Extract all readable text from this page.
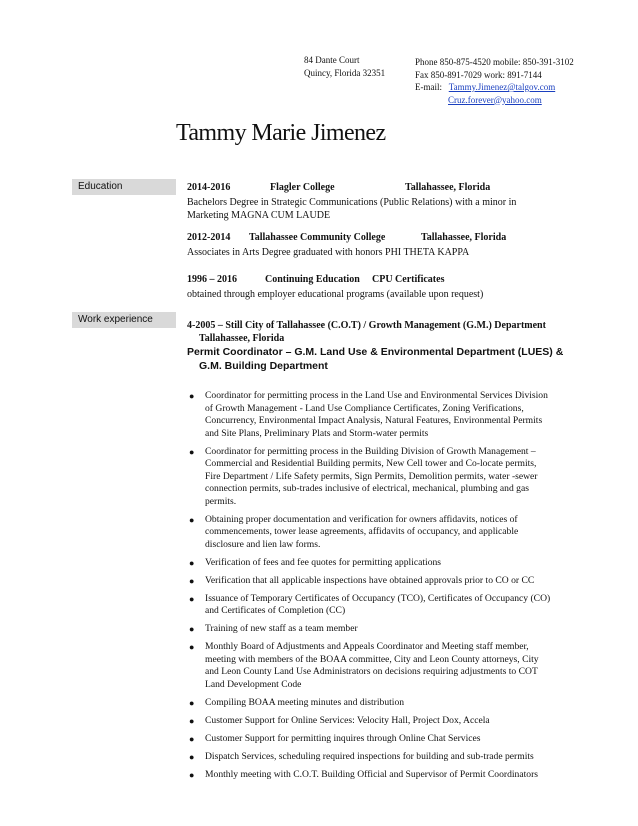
84 Dante Court
Quincy, Florida 32351
Phone 850-875-4520 mobile: 850-391-3102
Fax 850-891-7029 work: 891-7144
E-mail: Tammy.Jimenez@talgov.com
Cruz.forever@yahoo.com
Tammy Marie Jimenez
Education	2014-2016	Flagler College	Tallahassee, Florida
Bachelors Degree in Strategic Communications (Public Relations) with a minor in
Marketing MAGNA CUM LAUDE
2012-2014 Tallahassee Community College	Tallahassee, Florida
Associates in Arts Degree graduated with honors PHI THETA KAPPA
1996 – 2016	Continuing Education CPU Certificates
obtained through employer educational programs (available upon request)
Work experience
4-2005 – Still City of Tallahassee (C.O.T) / Growth Management (G.M.) Department
Tallahassee, Florida
Permit Coordinator – G.M. Land Use & Environmental Department (LUES) &
G.M. Building Department
● Coordinator for permitting process in the Land Use and Environmental Services Division
of Growth Management - Land Use Compliance Certificates, Zoning Verifications,
Concurrency, Environmental Impact Analysis, Natural Features, Environmental Permits
and Site Plans, Preliminary Plats and Storm-water permits
● Coordinator for permitting process in the Building Division of Growth Management –
Commercial and Residential Building permits, New Cell tower and Co-locate permits,
Fire Department / Life Safety permits, Sign Permits, Demolition permits, water -sewer
connection permits, sub-trades inclusive of electrical, mechanical, plumbing and gas
permits.
● Obtaining proper documentation and verification for owners affidavits, notices of
commencements, tower lease agreements, affidavits of occupancy, and applicable
disclosure and lien law forms.
● Verification of fees and fee quotes for permitting applications
● Verification that all applicable inspections have obtained approvals prior to CO or CC
● Issuance of Temporary Certificates of Occupancy (TCO), Certificates of Occupancy (CO)
and Certificates of Completion (CC)
● Training of new staff as a team member
● Monthly Board of Adjustments and Appeals Coordinator and Meeting staff member,
meeting with members of the BOAA committee, City and Leon County attorneys, City
and Leon County Land Use Administrators on decisions requiring adjustments to COT
Land Development Code
● Compiling BOAA meeting minutes and distribution
● Customer Support for Online Services: Velocity Hall, Project Dox, Accela
● Customer Support for permitting inquires through Online Chat Services
● Dispatch Services, scheduling required inspections for building and sub-trade permits
● Monthly meeting with C.O.T. Building Official and Supervisor of Permit Coordinators
